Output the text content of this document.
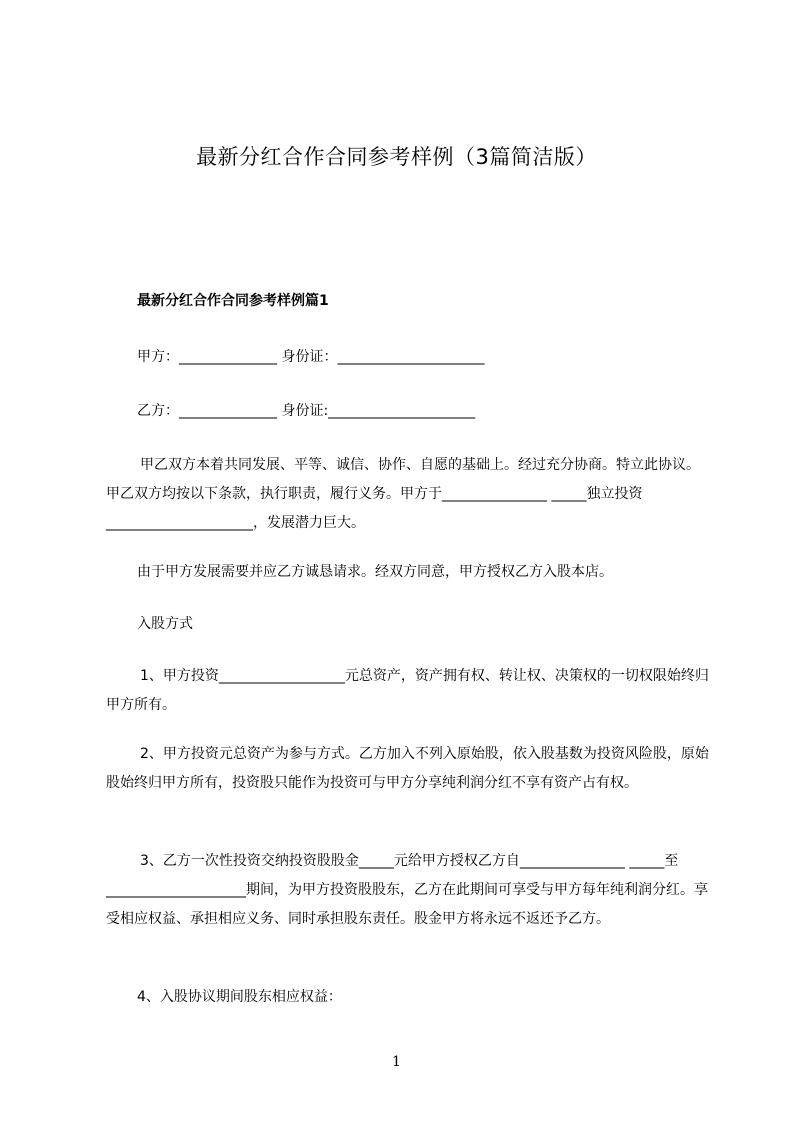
最新分红合作合同参考样例（3篇简洁版）
最新分红合作合同参考样例篇1
甲方：______________ 身份证：_____________________
乙方：______________ 身份证:_____________________
甲乙双方本着共同发展、平等、诚信、协作、自愿的基础上。经过充分协商。特立此协议。甲乙双方均按以下条款，执行职责，履行义务。甲方于_______________ _____独立投资_____________________，发展潜力巨大。
由于甲方发展需要并应乙方诚恳请求。经双方同意，甲方授权乙方入股本店。
入股方式
1、甲方投资__________________元总资产，资产拥有权、转让权、决策权的一切权限始终归甲方所有。
2、甲方投资元总资产为参与方式。乙方加入不列入原始股，依入股基数为投资风险股，原始股始终归甲方所有，投资股只能作为投资可与甲方分享纯利润分红不享有资产占有权。
3、乙方一次性投资交纳投资股股金_____元给甲方授权乙方自_______________ _____至____________________期间，为甲方投资股股东，乙方在此期间可享受与甲方每年纯利润分红。享受相应权益、承担相应义务、同时承担股东责任。股金甲方将永远不返还予乙方。
4、入股协议期间股东相应权益：
1
